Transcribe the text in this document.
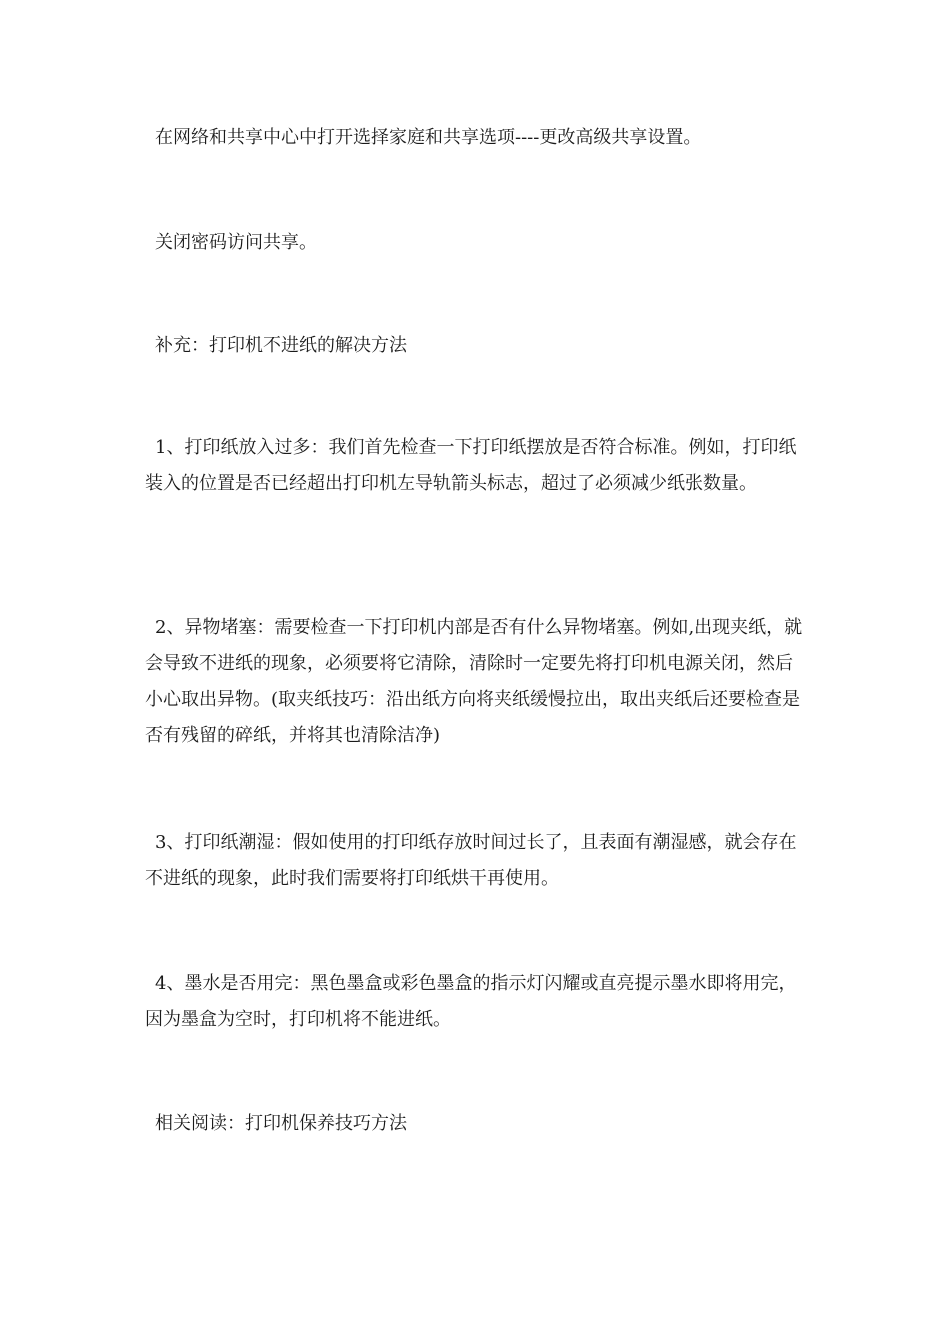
在网络和共享中心中打开选择家庭和共享选项----更改高级共享设置。

关闭密码访问共享。

补充：打印机不进纸的解决方法

1、打印纸放入过多：我们首先检查一下打印纸摆放是否符合标准。例如，打印纸装入的位置是否已经超出打印机左导轨箭头标志，超过了必须减少纸张数量。

2、异物堵塞：需要检查一下打印机内部是否有什么异物堵塞。例如,出现夹纸，就会导致不进纸的现象，必须要将它清除，清除时一定要先将打印机电源关闭，然后小心取出异物。(取夹纸技巧：沿出纸方向将夹纸缓慢拉出，取出夹纸后还要检查是否有残留的碎纸，并将其也清除洁净)

3、打印纸潮湿：假如使用的打印纸存放时间过长了，且表面有潮湿感，就会存在不进纸的现象，此时我们需要将打印纸烘干再使用。

4、墨水是否用完：黑色墨盒或彩色墨盒的指示灯闪耀或直亮提示墨水即将用完，因为墨盒为空时，打印机将不能进纸。

相关阅读：打印机保养技巧方法
